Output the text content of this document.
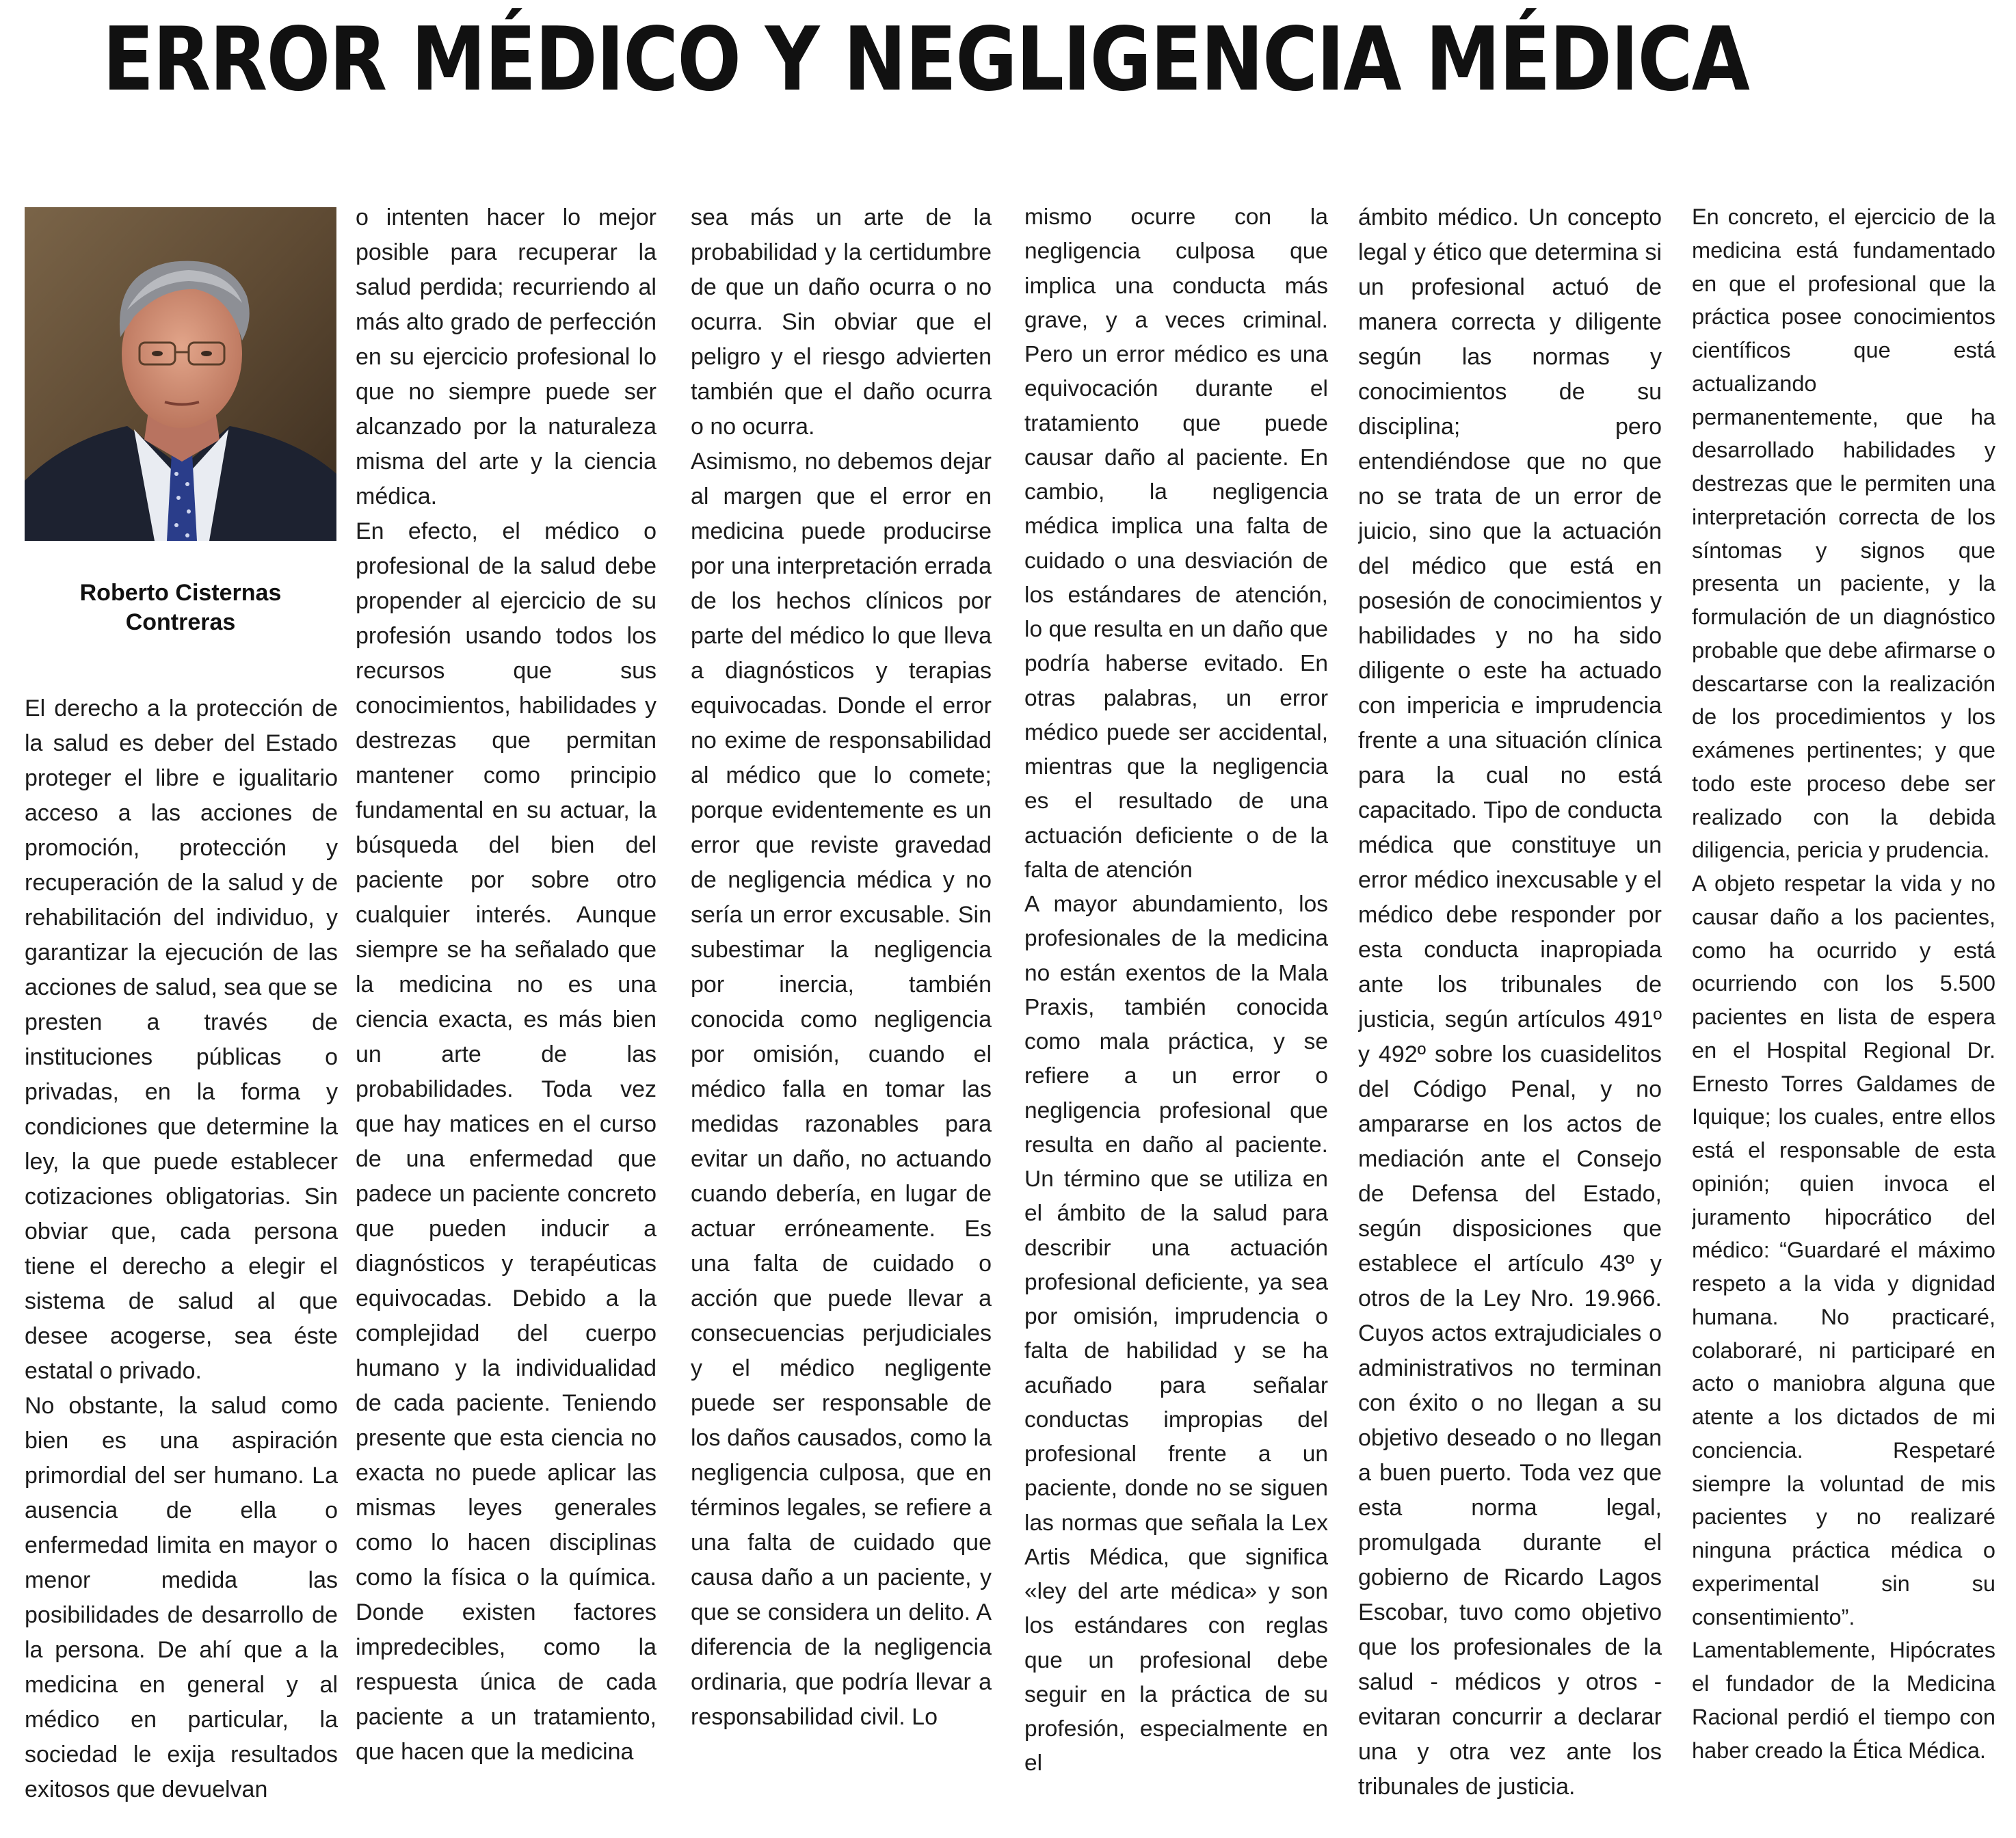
ERROR MÉDICO Y NEGLIGENCIA MÉDICA

Roberto Cisternas Contreras

El derecho a la protección de la salud es deber del Estado proteger el libre e igualitario acceso a las acciones de promoción, protección y recuperación de la salud y de rehabilitación del individuo, y garantizar la ejecución de las acciones de salud, sea que se presten a través de instituciones públicas o privadas, en la forma y condiciones que determine la ley, la que puede establecer cotizaciones obligatorias. Sin obviar que, cada persona tiene el derecho a elegir el sistema de salud al que desee acogerse, sea éste estatal o privado.

No obstante, la salud como bien es una aspiración primordial del ser humano. La ausencia de ella o enfermedad limita en mayor o menor medida las posibilidades de desarrollo de la persona. De ahí que a la medicina en general y al médico en particular, la sociedad le exija resultados exitosos que devuelvan

o intenten hacer lo mejor posible para recuperar la salud perdida; recurriendo al más alto grado de perfección en su ejercicio profesional lo que no siempre puede ser alcanzado por la naturaleza misma del arte y la ciencia médica.

En efecto, el médico o profesional de la salud debe propender al ejercicio de su profesión usando todos los recursos que sus conocimientos, habilidades y destrezas que permitan mantener como principio fundamental en su actuar, la búsqueda del bien del paciente por sobre otro cualquier interés. Aunque siempre se ha señalado que la medicina no es una ciencia exacta, es más bien un arte de las probabilidades. Toda vez que hay matices en el curso de una enfermedad que padece un paciente concreto que pueden inducir a diagnósticos y terapéuticas equivocadas. Debido a la complejidad del cuerpo humano y la individualidad de cada paciente. Teniendo presente que esta ciencia no exacta no puede aplicar las mismas leyes generales como lo hacen disciplinas como la física o la química. Donde existen factores impredecibles, como la respuesta única de cada paciente a un tratamiento, que hacen que la medicina

sea más un arte de la probabilidad y la certidumbre de que un daño ocurra o no ocurra. Sin obviar que el peligro y el riesgo advierten también que el daño ocurra o no ocurra.

Asimismo, no debemos dejar al margen que el error en medicina puede producirse por una interpretación errada de los hechos clínicos por parte del médico lo que lleva a diagnósticos y terapias equivocadas. Donde el error no exime de responsabilidad al médico que lo comete; porque evidentemente es un error que reviste gravedad de negligencia médica y no sería un error excusable. Sin subestimar la negligencia por inercia, también conocida como negligencia por omisión, cuando el médico falla en tomar las medidas razonables para evitar un daño, no actuando cuando debería, en lugar de actuar erróneamente. Es una falta de cuidado o acción que puede llevar a consecuencias perjudiciales y el médico negligente puede ser responsable de los daños causados, como la negligencia culposa, que en términos legales, se refiere a una falta de cuidado que causa daño a un paciente, y que se considera un delito. A diferencia de la negligencia ordinaria, que podría llevar a responsabilidad civil. Lo

mismo ocurre con la negligencia culposa que implica una conducta más grave, y a veces criminal. Pero un error médico es una equivocación durante el tratamiento que puede causar daño al paciente. En cambio, la negligencia médica implica una falta de cuidado o una desviación de los estándares de atención, lo que resulta en un daño que podría haberse evitado. En otras palabras, un error médico puede ser accidental, mientras que la negligencia es el resultado de una actuación deficiente o de la falta de atención

A mayor abundamiento, los profesionales de la medicina no están exentos de la Mala Praxis, también conocida como mala práctica, y se refiere a un error o negligencia profesional que resulta en daño al paciente. Un término que se utiliza en el ámbito de la salud para describir una actuación profesional deficiente, ya sea por omisión, imprudencia o falta de habilidad y se ha acuñado para señalar conductas impropias del profesional frente a un paciente, donde no se siguen las normas que señala la Lex Artis Médica, que significa «ley del arte médica» y son los estándares con reglas que un profesional debe seguir en la práctica de su profesión, especialmente en el

ámbito médico. Un concepto legal y ético que determina si un profesional actuó de manera correcta y diligente según las normas y conocimientos de su disciplina; pero entendiéndose que no que no se trata de un error de juicio, sino que la actuación del médico que está en posesión de conocimientos y habilidades y no ha sido diligente o este ha actuado con impericia e imprudencia frente a una situación clínica para la cual no está capacitado. Tipo de conducta médica que constituye un error médico inexcusable y el médico debe responder por esta conducta inapropiada ante los tribunales de justicia, según artículos 491º y 492º sobre los cuasidelitos del Código Penal, y no ampararse en los actos de mediación ante el Consejo de Defensa del Estado, según disposiciones que establece el artículo 43º y otros de la Ley Nro. 19.966. Cuyos actos extrajudiciales o administrativos no terminan con éxito o no llegan a su objetivo deseado o no llegan a buen puerto. Toda vez que esta norma legal, promulgada durante el gobierno de Ricardo Lagos Escobar, tuvo como objetivo que los profesionales de la salud - médicos y otros - evitaran concurrir a declarar una y otra vez ante los tribunales de justicia.

En concreto, el ejercicio de la medicina está fundamentado en que el profesional que la práctica posee conocimientos científicos que está actualizando permanentemente, que ha desarrollado habilidades y destrezas que le permiten una interpretación correcta de los síntomas y signos que presenta un paciente, y la formulación de un diagnóstico probable que debe afirmarse o descartarse con la realización de los procedimientos y los exámenes pertinentes; y que todo este proceso debe ser realizado con la debida diligencia, pericia y prudencia.

A objeto respetar la vida y no causar daño a los pacientes, como ha ocurrido y está ocurriendo con los 5.500 pacientes en lista de espera en el Hospital Regional Dr. Ernesto Torres Galdames de Iquique; los cuales, entre ellos está el responsable de esta opinión; quien invoca el juramento hipocrático del médico: “Guardaré el máximo respeto a la vida y dignidad humana. No practicaré, colaboraré, ni participaré en acto o maniobra alguna que atente a los dictados de mi conciencia. Respetaré siempre la voluntad de mis pacientes y no realizaré ninguna práctica médica o experimental sin su consentimiento”. Lamentablemente, Hipócrates el fundador de la Medicina Racional perdió el tiempo con haber creado la Ética Médica.
